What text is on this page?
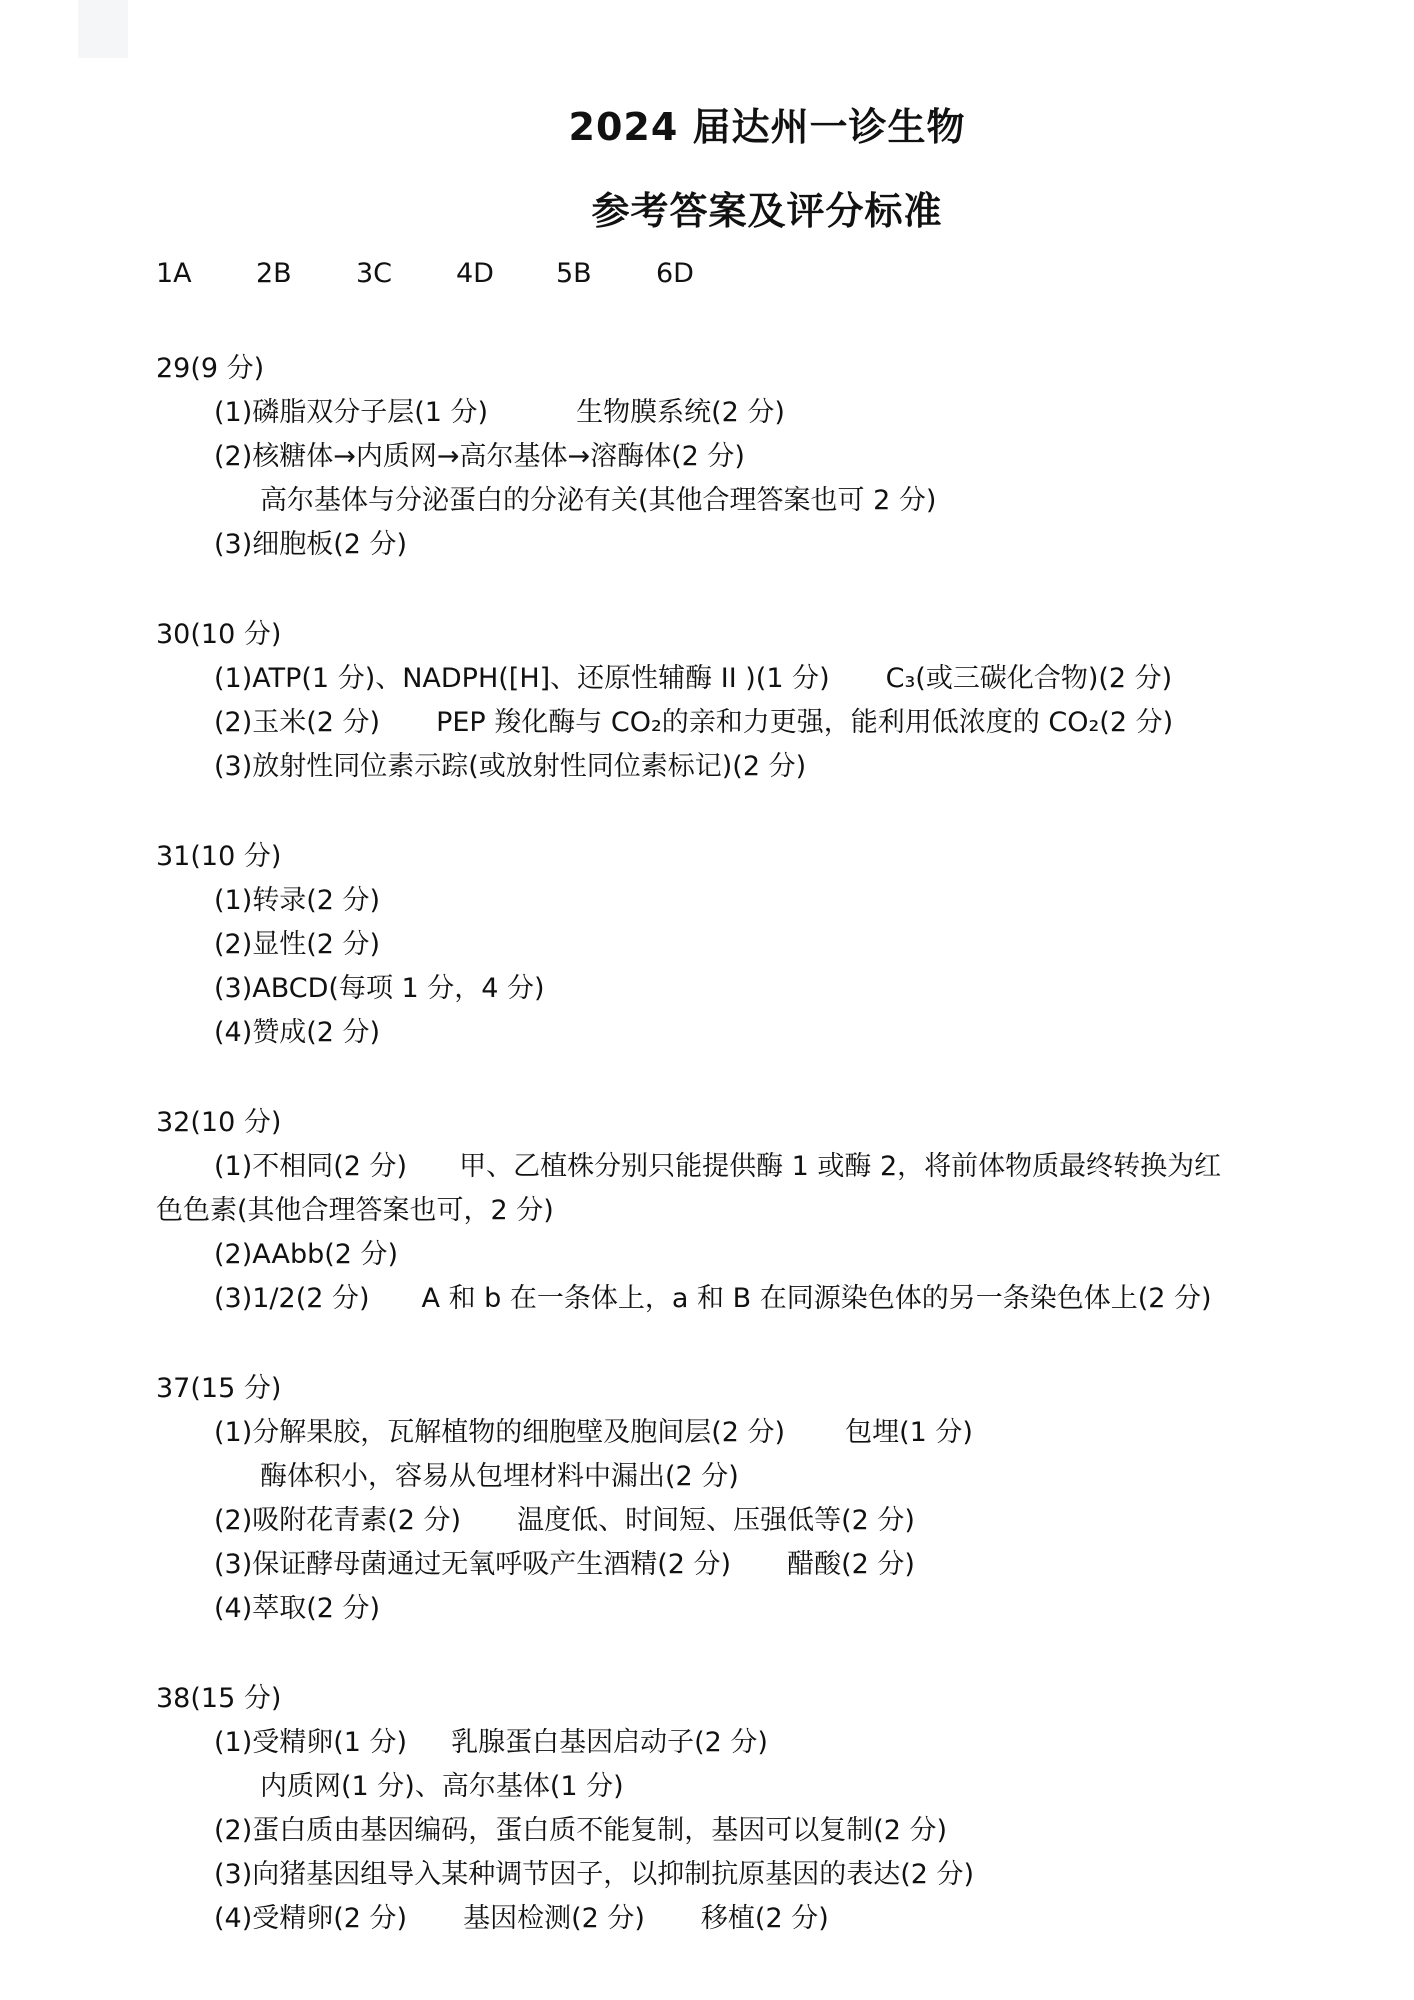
2024 届达州一诊生物
参考答案及评分标准
1A	2B	3C	4D	5B	6D
29(9 分)
(1)磷脂双分子层(1 分)	生物膜系统(2 分)
(2)核糖体→内质网→高尔基体→溶酶体(2 分)
高尔基体与分泌蛋白的分泌有关(其他合理答案也可 2 分)
(3)细胞板(2 分)
30(10 分)
(1)ATP(1 分)、NADPH([H]、还原性辅酶 II )(1 分) C₃(或三碳化合物)(2 分)
(2)玉米(2 分) PEP 羧化酶与 CO₂的亲和力更强，能利用低浓度的 CO₂(2 分)
(3)放射性同位素示踪(或放射性同位素标记)(2 分)
31(10 分)
(1)转录(2 分)
(2)显性(2 分)
(3)ABCD(每项 1 分，4 分)
(4)赞成(2 分)
32(10 分)
(1)不相同(2 分) 甲、乙植株分别只能提供酶 1 或酶 2，将前体物质最终转换为红
色色素(其他合理答案也可，2 分)
(2)AAbb(2 分)
(3)1/2(2 分) A 和 b 在一条体上，a 和 B 在同源染色体的另一条染色体上(2 分)
37(15 分)
(1)分解果胶，瓦解植物的细胞壁及胞间层(2 分) 包埋(1 分)
酶体积小，容易从包埋材料中漏出(2 分)
(2)吸附花青素(2 分) 温度低、时间短、压强低等(2 分)
(3)保证酵母菌通过无氧呼吸产生酒精(2 分) 醋酸(2 分)
(4)萃取(2 分)
38(15 分)
(1)受精卵(1 分) 乳腺蛋白基因启动子(2 分)
内质网(1 分)、高尔基体(1 分)
(2)蛋白质由基因编码，蛋白质不能复制，基因可以复制(2 分)
(3)向猪基因组导入某种调节因子，以抑制抗原基因的表达(2 分)
(4)受精卵(2 分) 基因检测(2 分) 移植(2 分)
